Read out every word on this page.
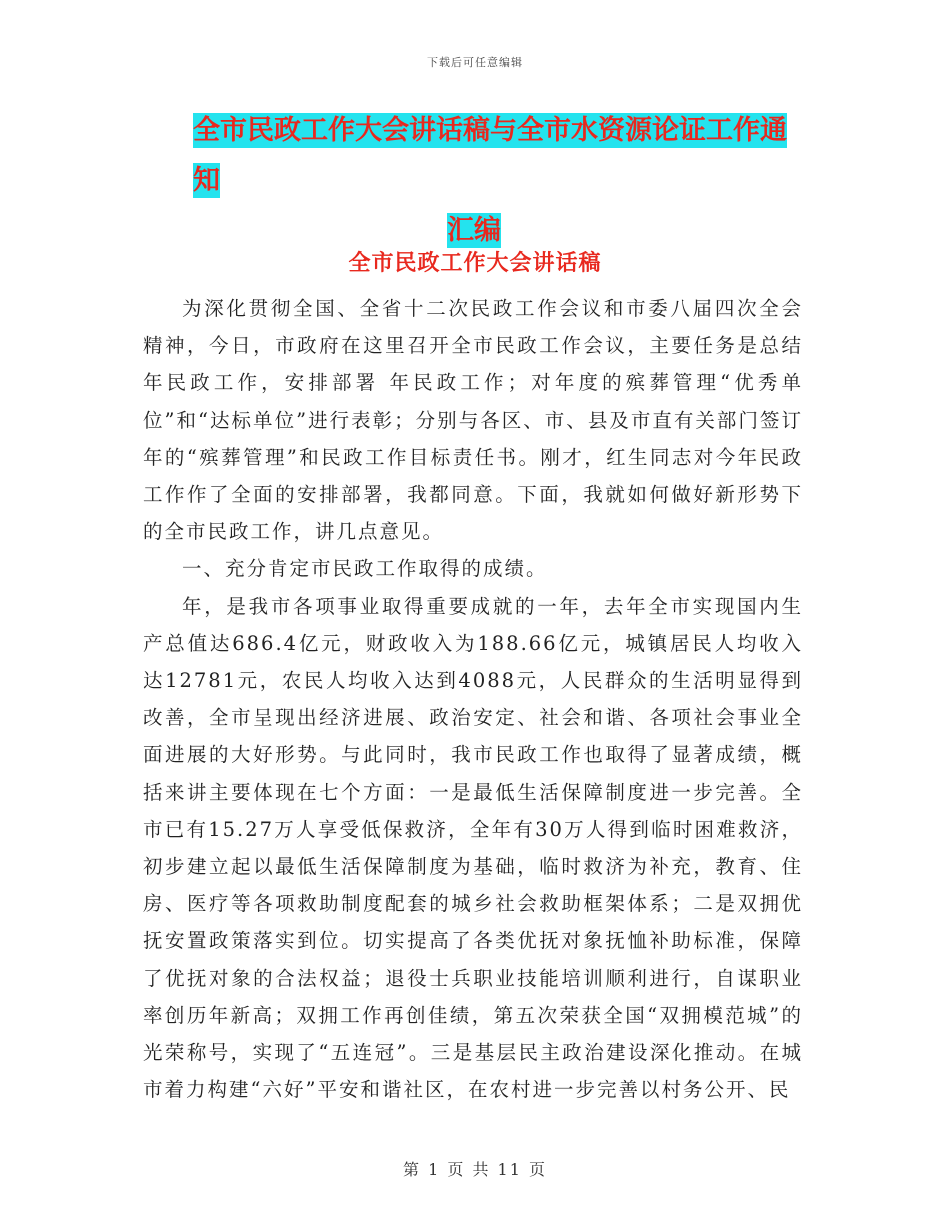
下载后可任意编辑
全市民政工作大会讲话稿与全市水资源论证工作通知
汇编
全市民政工作大会讲话稿

为深化贯彻全国、全省十二次民政工作会议和市委八届四次全会精神，今日，市政府在这里召开全市民政工作会议，主要任务是总结年民政工作，安排部署 年民政工作；对年度的殡葬管理“优秀单位”和“达标单位”进行表彰；分别与各区、市、县及市直有关部门签订年的“殡葬管理”和民政工作目标责任书。刚才，红生同志对今年民政工作作了全面的安排部署，我都同意。下面，我就如何做好新形势下的全市民政工作，讲几点意见。

一、充分肯定市民政工作取得的成绩。

年，是我市各项事业取得重要成就的一年，去年全市实现国内生产总值达686.4亿元，财政收入为188.66亿元，城镇居民人均收入达12781元，农民人均收入达到4088元，人民群众的生活明显得到改善，全市呈现出经济进展、政治安定、社会和谐、各项社会事业全面进展的大好形势。与此同时，我市民政工作也取得了显著成绩，概括来讲主要体现在七个方面：一是最低生活保障制度进一步完善。全市已有15.27万人享受低保救济，全年有30万人得到临时困难救济，初步建立起以最低生活保障制度为基础，临时救济为补充，教育、住房、医疗等各项救助制度配套的城乡社会救助框架体系；二是双拥优抚安置政策落实到位。切实提高了各类优抚对象抚恤补助标准，保障了优抚对象的合法权益；退役士兵职业技能培训顺利进行，自谋职业率创历年新高；双拥工作再创佳绩，第五次荣获全国“双拥模范城”的光荣称号，实现了“五连冠”。三是基层民主政治建设深化推动。在城市着力构建“六好”平安和谐社区，在农村进一步完善以村务公开、民

第 1 页 共 11 页
